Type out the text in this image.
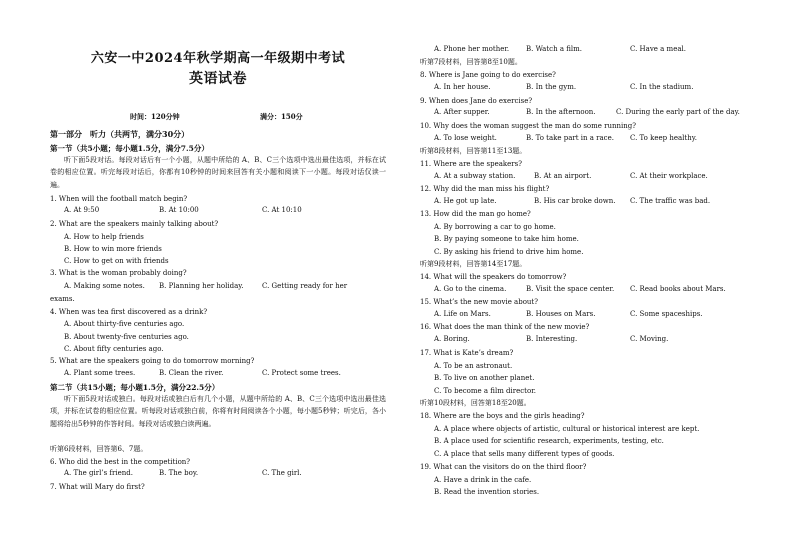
六安一中2024年秋学期高一年级期中考试
英语试卷
时间：120分钟	满分：150分
第一部分　听力（共两节，满分30分）
第一节（共5小题；每小题1.5分，满分7.5分）
听下面5段对话。每段对话后有一个小题，从题中所给的 A、B、C三个选项中选出最佳选项，并标在试卷的相应位置。听完每段对话后，你都有10秒钟的时间来回答有关小题和阅读下一小题。每段对话仅读一遍。
1. When will the football match begin?
A. At 9:50	B. At 10:00	C. At 10:10
2. What are the speakers mainly talking about?
A. How to help friends
B. How to win more friends
C. How to get on with friends
3. What is the woman probably doing?
A. Making some notes. B. Planning her holiday.	C. Getting ready for her
exams.
4. When was tea first discovered as a drink?
A. About thirty-five centuries ago.
B. About twenty-five centuries ago.
C. About fifty centuries ago.
5. What are the speakers going to do tomorrow morning?
A. Plant some trees.	B. Clean the river.	C. Protect some trees.
第二节（共15小题；每小题1.5分，满分22.5分）
听下面5段对话或独白。每段对话或独白后有几个小题，从题中所给的 A、B、C三个选项中选出最佳选项，并标在试卷的相应位置。听每段对话或独白前，你将有时间阅读各个小题，每小题5秒钟；听完后，各小题将给出5秒钟的作答时间。每段对话或独白读两遍。
听第6段材料，回答第6、7题。
6. Who did the best in the competition?
A. The girl’s friend.	B. The boy.	C. The girl.
7. What will Mary do first?
A. Phone her mother. B. Watch a film.	C. Have a meal.
听第7段材料，回答第8至10题。
8. Where is Jane going to do exercise?
A. In her house.	B. In the gym.	C. In the stadium.
9. When does Jane do exercise?
A. After supper.	B. In the afternoon.	C. During the early part of the day.
10. Why does the woman suggest the man do some running?
A. To lose weight.	B. To take part in a race. C. To keep healthy.
听第8段材料，回答第11至13题。
11. Where are the speakers?
A. At a subway station.	B. At an airport.	C. At their workplace.
12. Why did the man miss his flight?
A. He got up late.	B. His car broke down. C. The traffic was bad.
13. How did the man go home?
A. By borrowing a car to go home.
B. By paying someone to take him home.
C. By asking his friend to drive him home.
听第9段材料，回答第14至17题。
14. What will the speakers do tomorrow?
A. Go to the cinema.	B. Visit the space center. C. Read books about Mars.
15. What’s the new movie about?
A. Life on Mars.	B. Houses on Mars.	C. Some spaceships.
16. What does the man think of the new movie?
A. Boring.	B. Interesting.	C. Moving.
17. What is Kate’s dream?
A. To be an astronaut.
B. To live on another planet.
C. To become a film director.
听第10段材料，回答第18至20题。
18. Where are the boys and the girls heading?
A. A place where objects of artistic, cultural or historical interest are kept.
B. A place used for scientific research, experiments, testing, etc.
C. A place that sells many different types of goods.
19. What can the visitors do on the third floor?
A. Have a drink in the cafe.
B. Read the invention stories.
